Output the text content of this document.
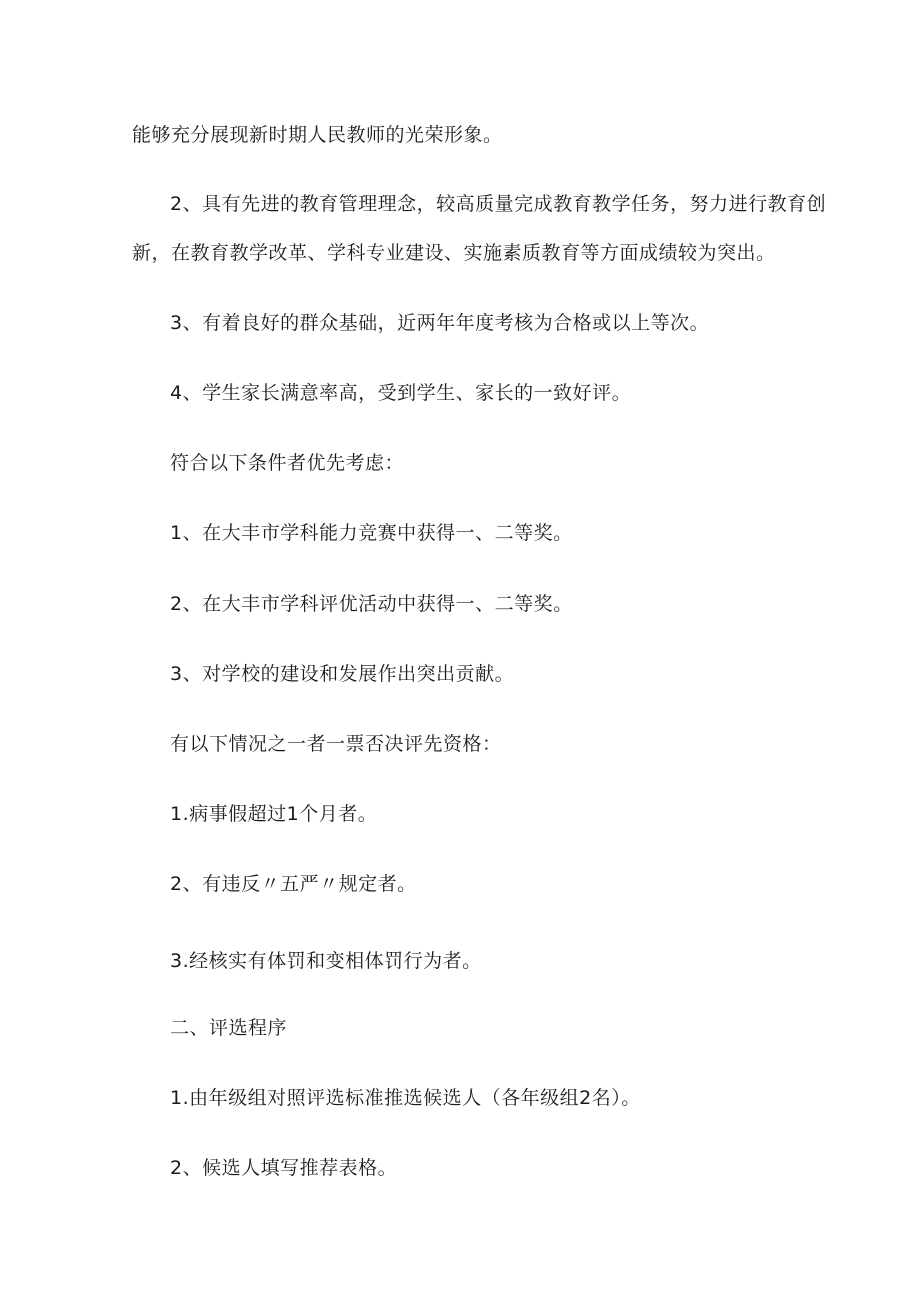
能够充分展现新时期人民教师的光荣形象。
2、具有先进的教育管理理念，较高质量完成教育教学任务，努力进行教育创
新，在教育教学改革、学科专业建设、实施素质教育等方面成绩较为突出。
3、有着良好的群众基础，近两年年度考核为合格或以上等次。
4、学生家长满意率高，受到学生、家长的一致好评。
符合以下条件者优先考虑：
1、在大丰市学科能力竞赛中获得一、二等奖。
2、在大丰市学科评优活动中获得一、二等奖。
3、对学校的建设和发展作出突出贡献。
有以下情况之一者一票否决评先资格：
1.病事假超过1个月者。
2、有违反〃五严〃规定者。
3.经核实有体罚和变相体罚行为者。
二、评选程序
1.由年级组对照评选标准推选候选人（各年级组2名）。
2、候选人填写推荐表格。
